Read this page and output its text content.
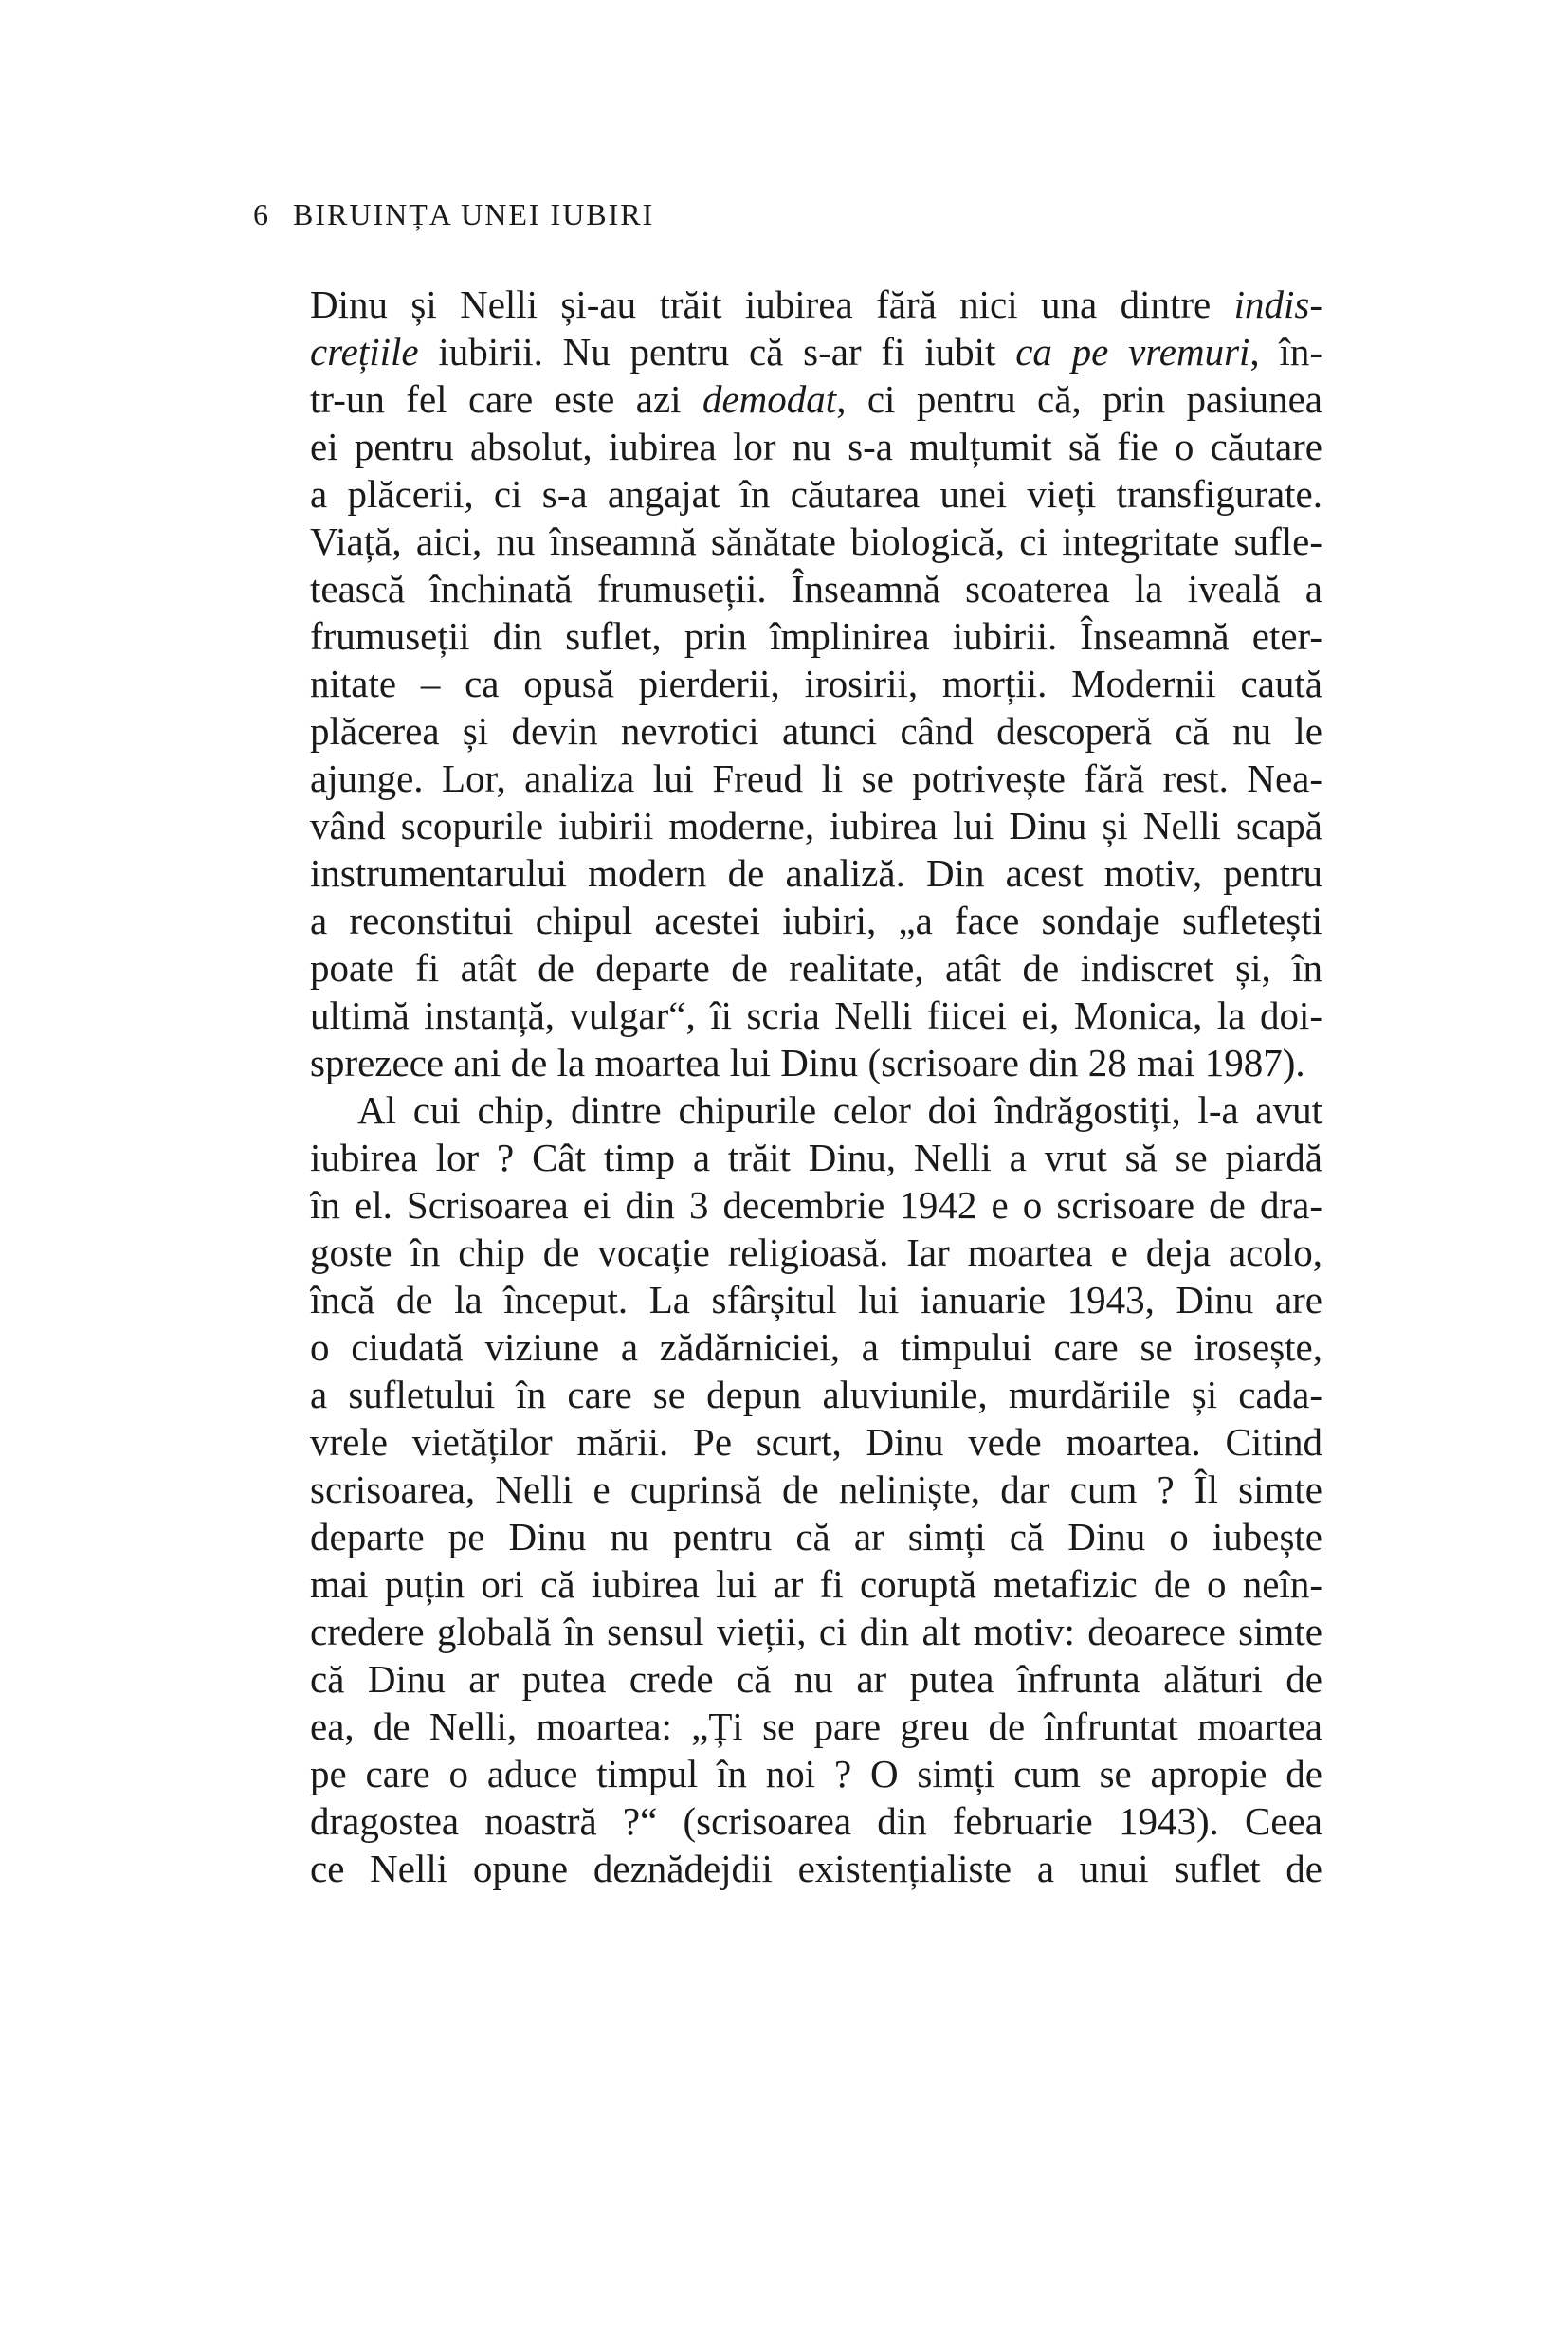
6 BIRUINȚA UNEI IUBIRI
Dinu și Nelli și-au trăit iubirea fără nici una dintre indis-
crețiile iubirii. Nu pentru că s-ar fi iubit ca pe vremuri, în-
tr-un fel care este azi demodat, ci pentru că, prin pasiunea
ei pentru absolut, iubirea lor nu s-a mulțumit să fie o căutare
a plăcerii, ci s-a angajat în căutarea unei vieți transfigurate.
Viață, aici, nu înseamnă sănătate biologică, ci integritate sufle-
tească închinată frumuseții. Înseamnă scoaterea la iveală a
frumuseții din suflet, prin împlinirea iubirii. Înseamnă eter-
nitate – ca opusă pierderii, irosirii, morții. Modernii caută
plăcerea și devin nevrotici atunci când descoperă că nu le
ajunge. Lor, analiza lui Freud li se potrivește fără rest. Nea-
vând scopurile iubirii moderne, iubirea lui Dinu și Nelli scapă
instrumentarului modern de analiză. Din acest motiv, pentru
a reconstitui chipul acestei iubiri, „a face sondaje sufletești
poate fi atât de departe de realitate, atât de indiscret și, în
ultimă instanță, vulgar“, îi scria Nelli fiicei ei, Monica, la doi-
sprezece ani de la moartea lui Dinu (scrisoare din 28 mai 1987).
Al cui chip, dintre chipurile celor doi îndrăgostiți, l-a avut
iubirea lor ? Cât timp a trăit Dinu, Nelli a vrut să se piardă
în el. Scrisoarea ei din 3 decembrie 1942 e o scrisoare de dra-
goste în chip de vocație religioasă. Iar moartea e deja acolo,
încă de la început. La sfârșitul lui ianuarie 1943, Dinu are
o ciudată viziune a zădărniciei, a timpului care se irosește,
a sufletului în care se depun aluviunile, murdăriile și cada-
vrele vietăților mării. Pe scurt, Dinu vede moartea. Citind
scrisoarea, Nelli e cuprinsă de neliniște, dar cum ? Îl simte
departe pe Dinu nu pentru că ar simți că Dinu o iubește
mai puțin ori că iubirea lui ar fi coruptă metafizic de o neîn-
credere globală în sensul vieții, ci din alt motiv: deoarece simte
că Dinu ar putea crede că nu ar putea înfrunta alături de
ea, de Nelli, moartea: „Ți se pare greu de înfruntat moartea
pe care o aduce timpul în noi ? O simți cum se apropie de
dragostea noastră ?“ (scrisoarea din februarie 1943). Ceea
ce Nelli opune deznădejdii existențialiste a unui suflet de
